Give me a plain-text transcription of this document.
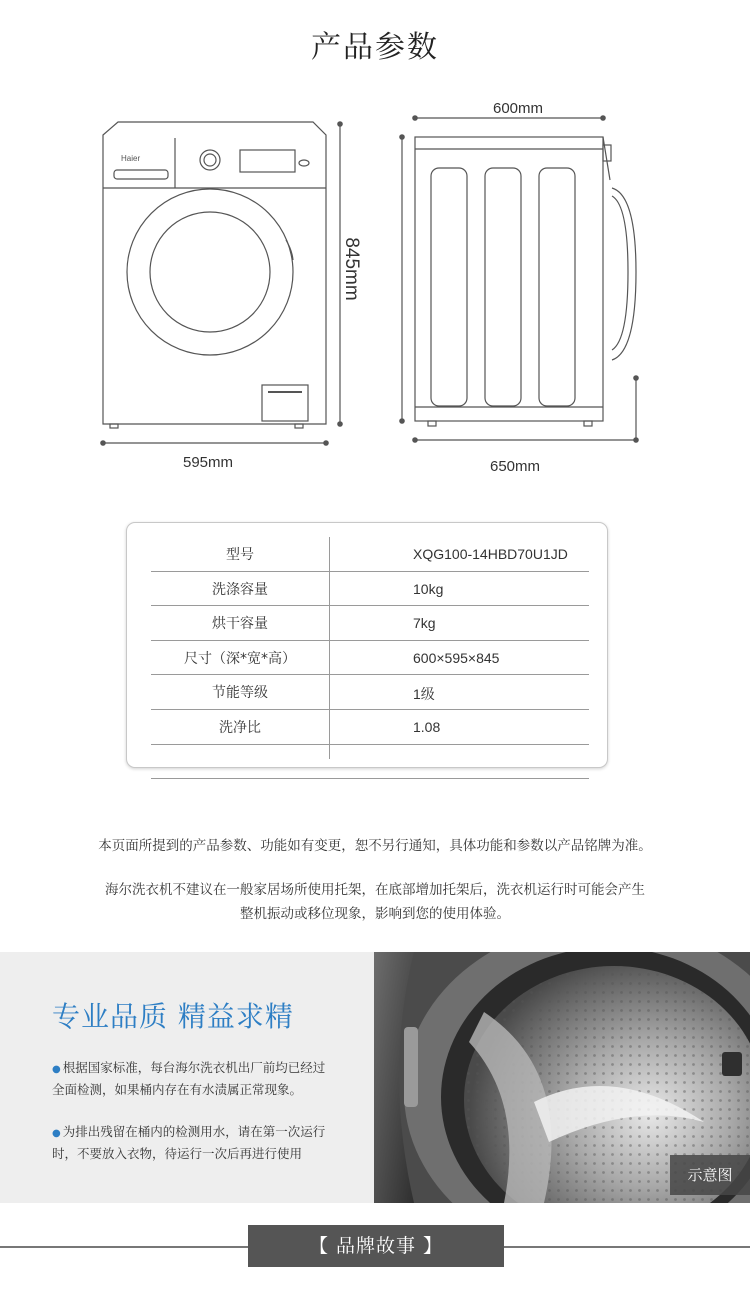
产品参数
Haier
600mm
845mm
595mm	650mm
型号	XQG100-14HBD70U1JD
洗涤容量	10kg
烘干容量	7kg
尺寸（深*宽*高）	600×595×845
节能等级	1级
洗净比	1.08
本页面所提到的产品参数、功能如有变更，恕不另行通知，具体功能和参数以产品铭牌为准。
海尔洗衣机不建议在一般家居场所使用托架，在底部增加托架后，洗衣机运行时可能会产生
整机振动或移位现象，影响到您的使用体验。
专业品质 精益求精
● 根据国家标准，每台海尔洗衣机出厂前均已经过
全面检测，如果桶内存在有水渍属正常现象。
● 为排出残留在桶内的检测用水，请在第一次运行
时，不要放入衣物，待运行一次后再进行使用
示意图
【 品牌故事 】
